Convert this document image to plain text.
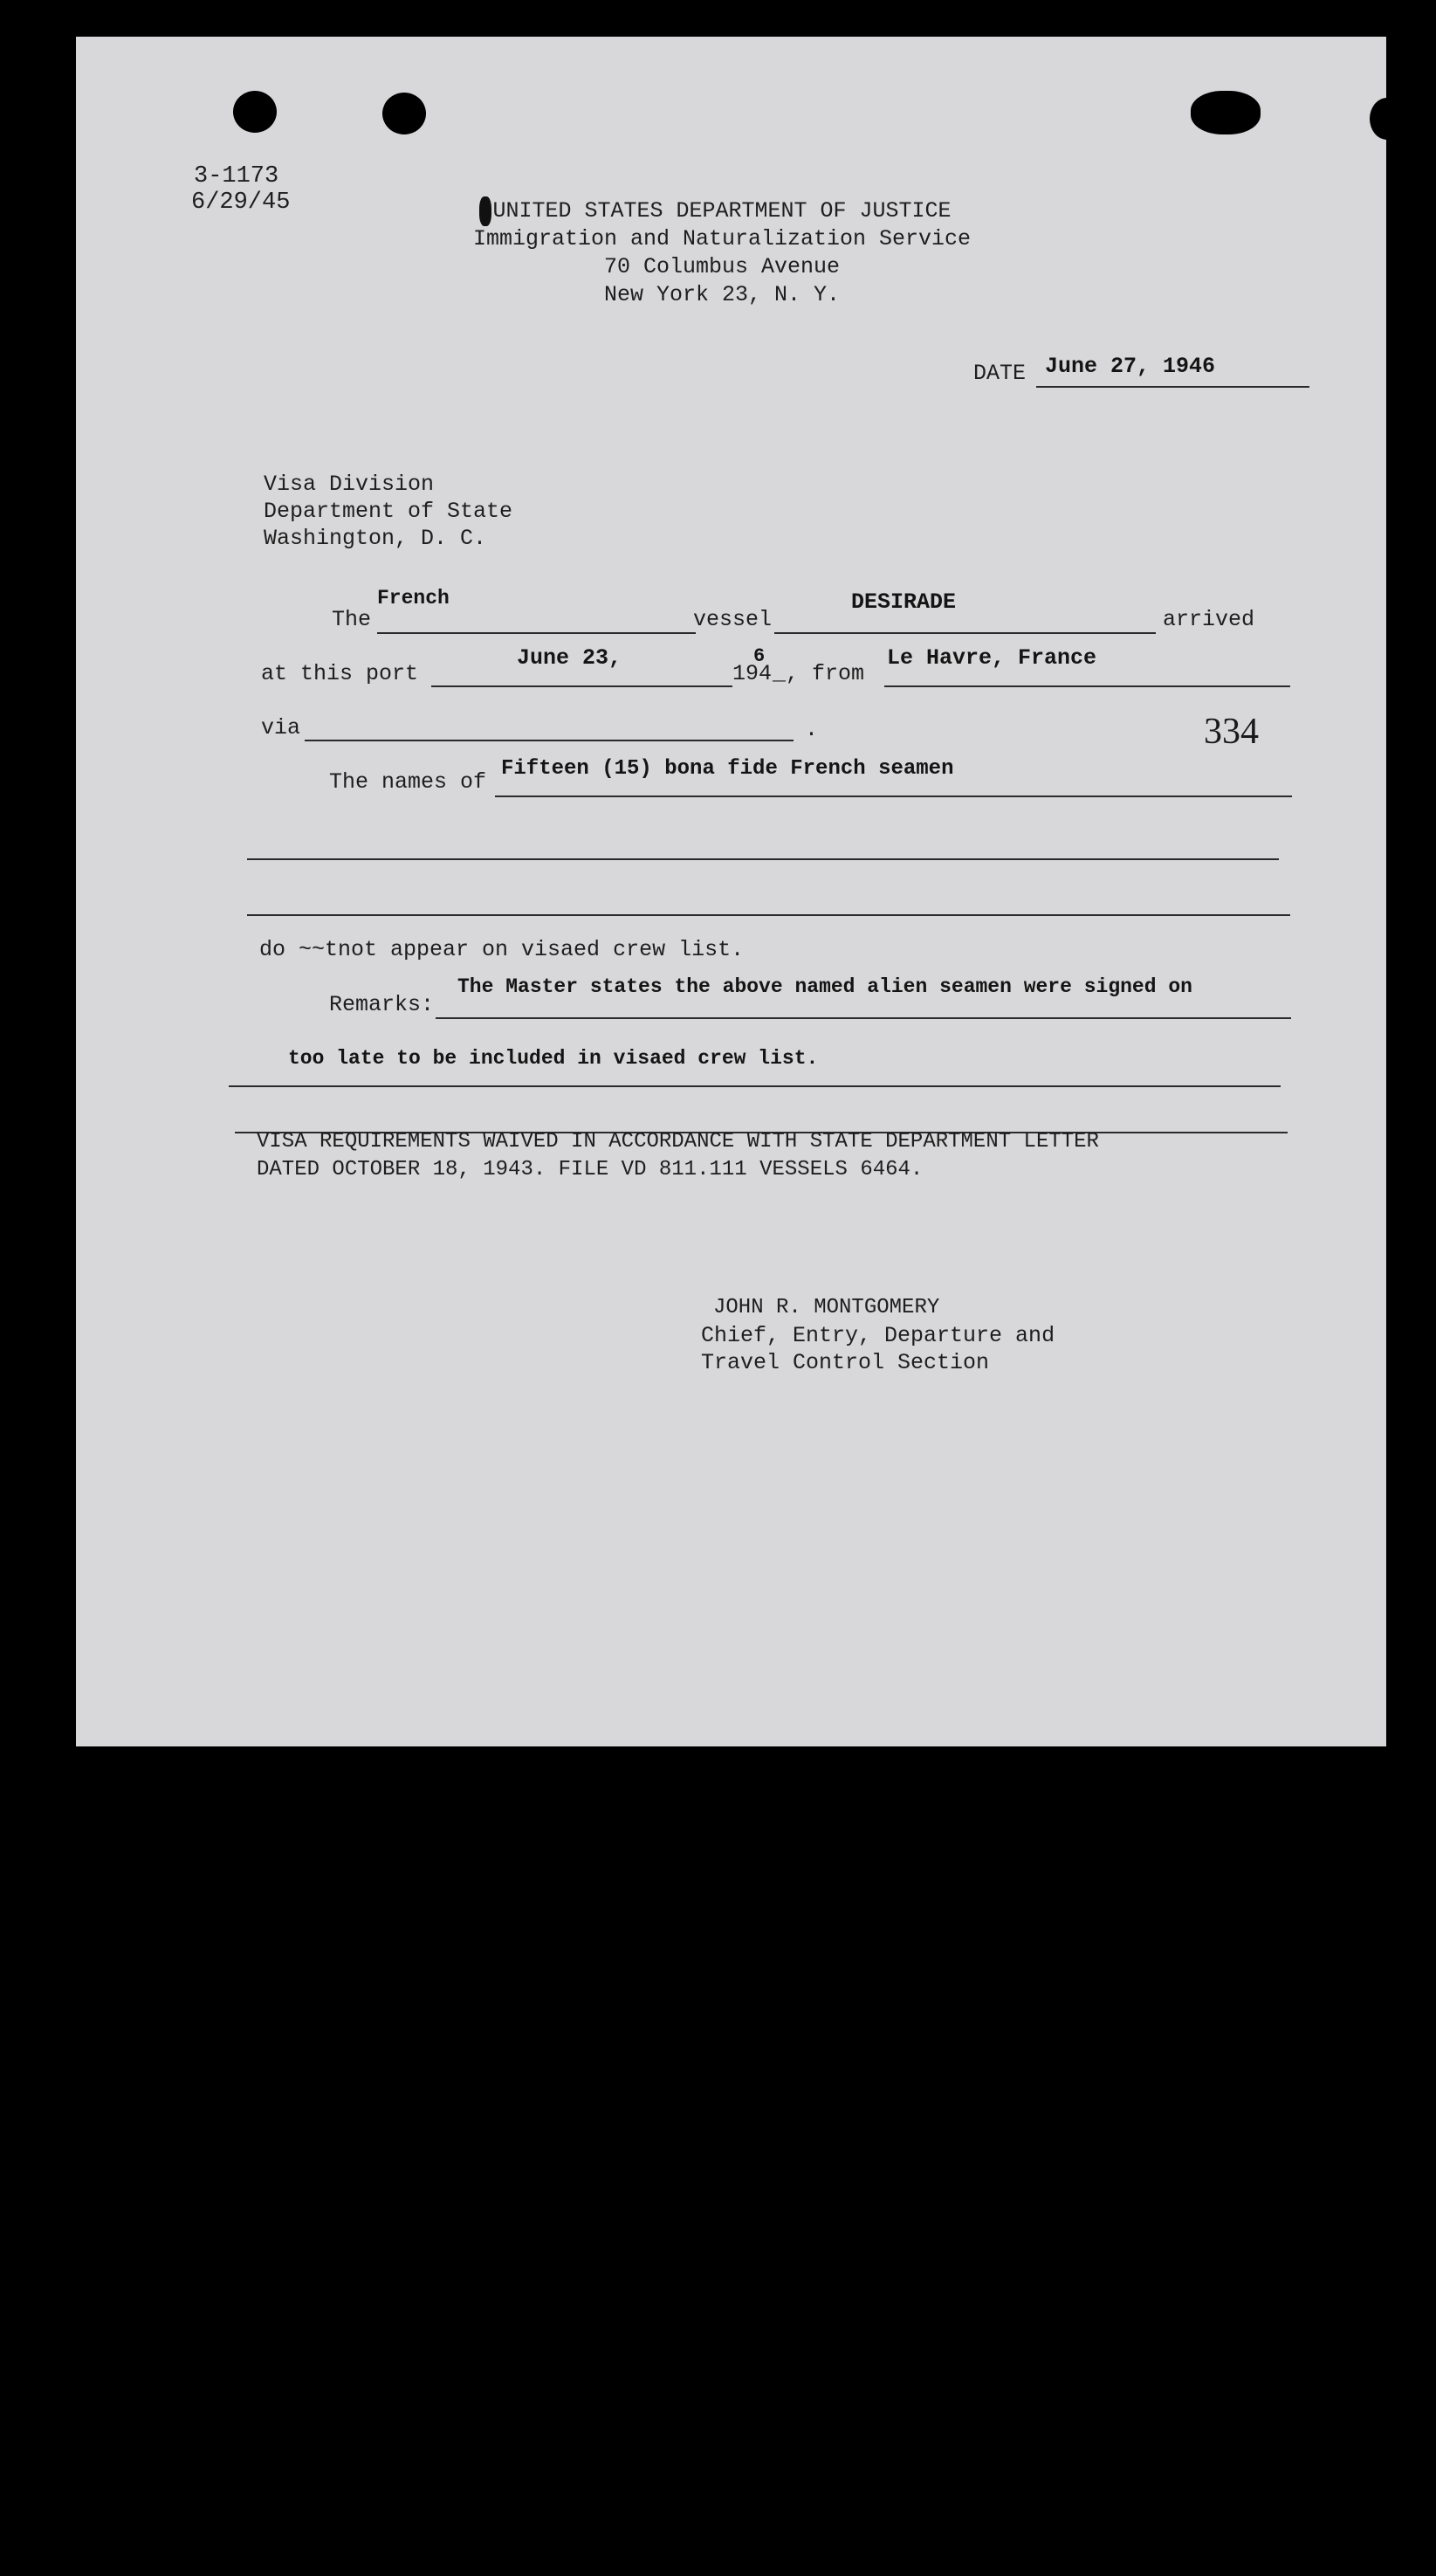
3-1173
6/29/45	UNITED STATES DEPARTMENT OF JUSTICE
Immigration and Naturalization Service
70 Columbus Avenue
New York 23, N. Y.
DATE June 27, 1946
Visa Division
Department of State
Washington, D. C.
The
French
vessel
DESIRADE
arrived
at this port
June 23,
194
6
_, from
Le Havre, France
via	.	334
The names of
Fifteen (15) bona fide French seamen
do ~~tnot appear on visaed crew list.
Remarks:
The Master states the above named alien seamen were signed on
too late to be included in visaed crew list.
VISA REQUIREMENTS WAIVED IN ACCORDANCE WITH STATE DEPARTMENT LETTER
DATED OCTOBER 18, 1943. FILE VD 811.111 VESSELS 6464.
JOHN R. MONTGOMERY
Chief, Entry, Departure and
Travel Control Section
